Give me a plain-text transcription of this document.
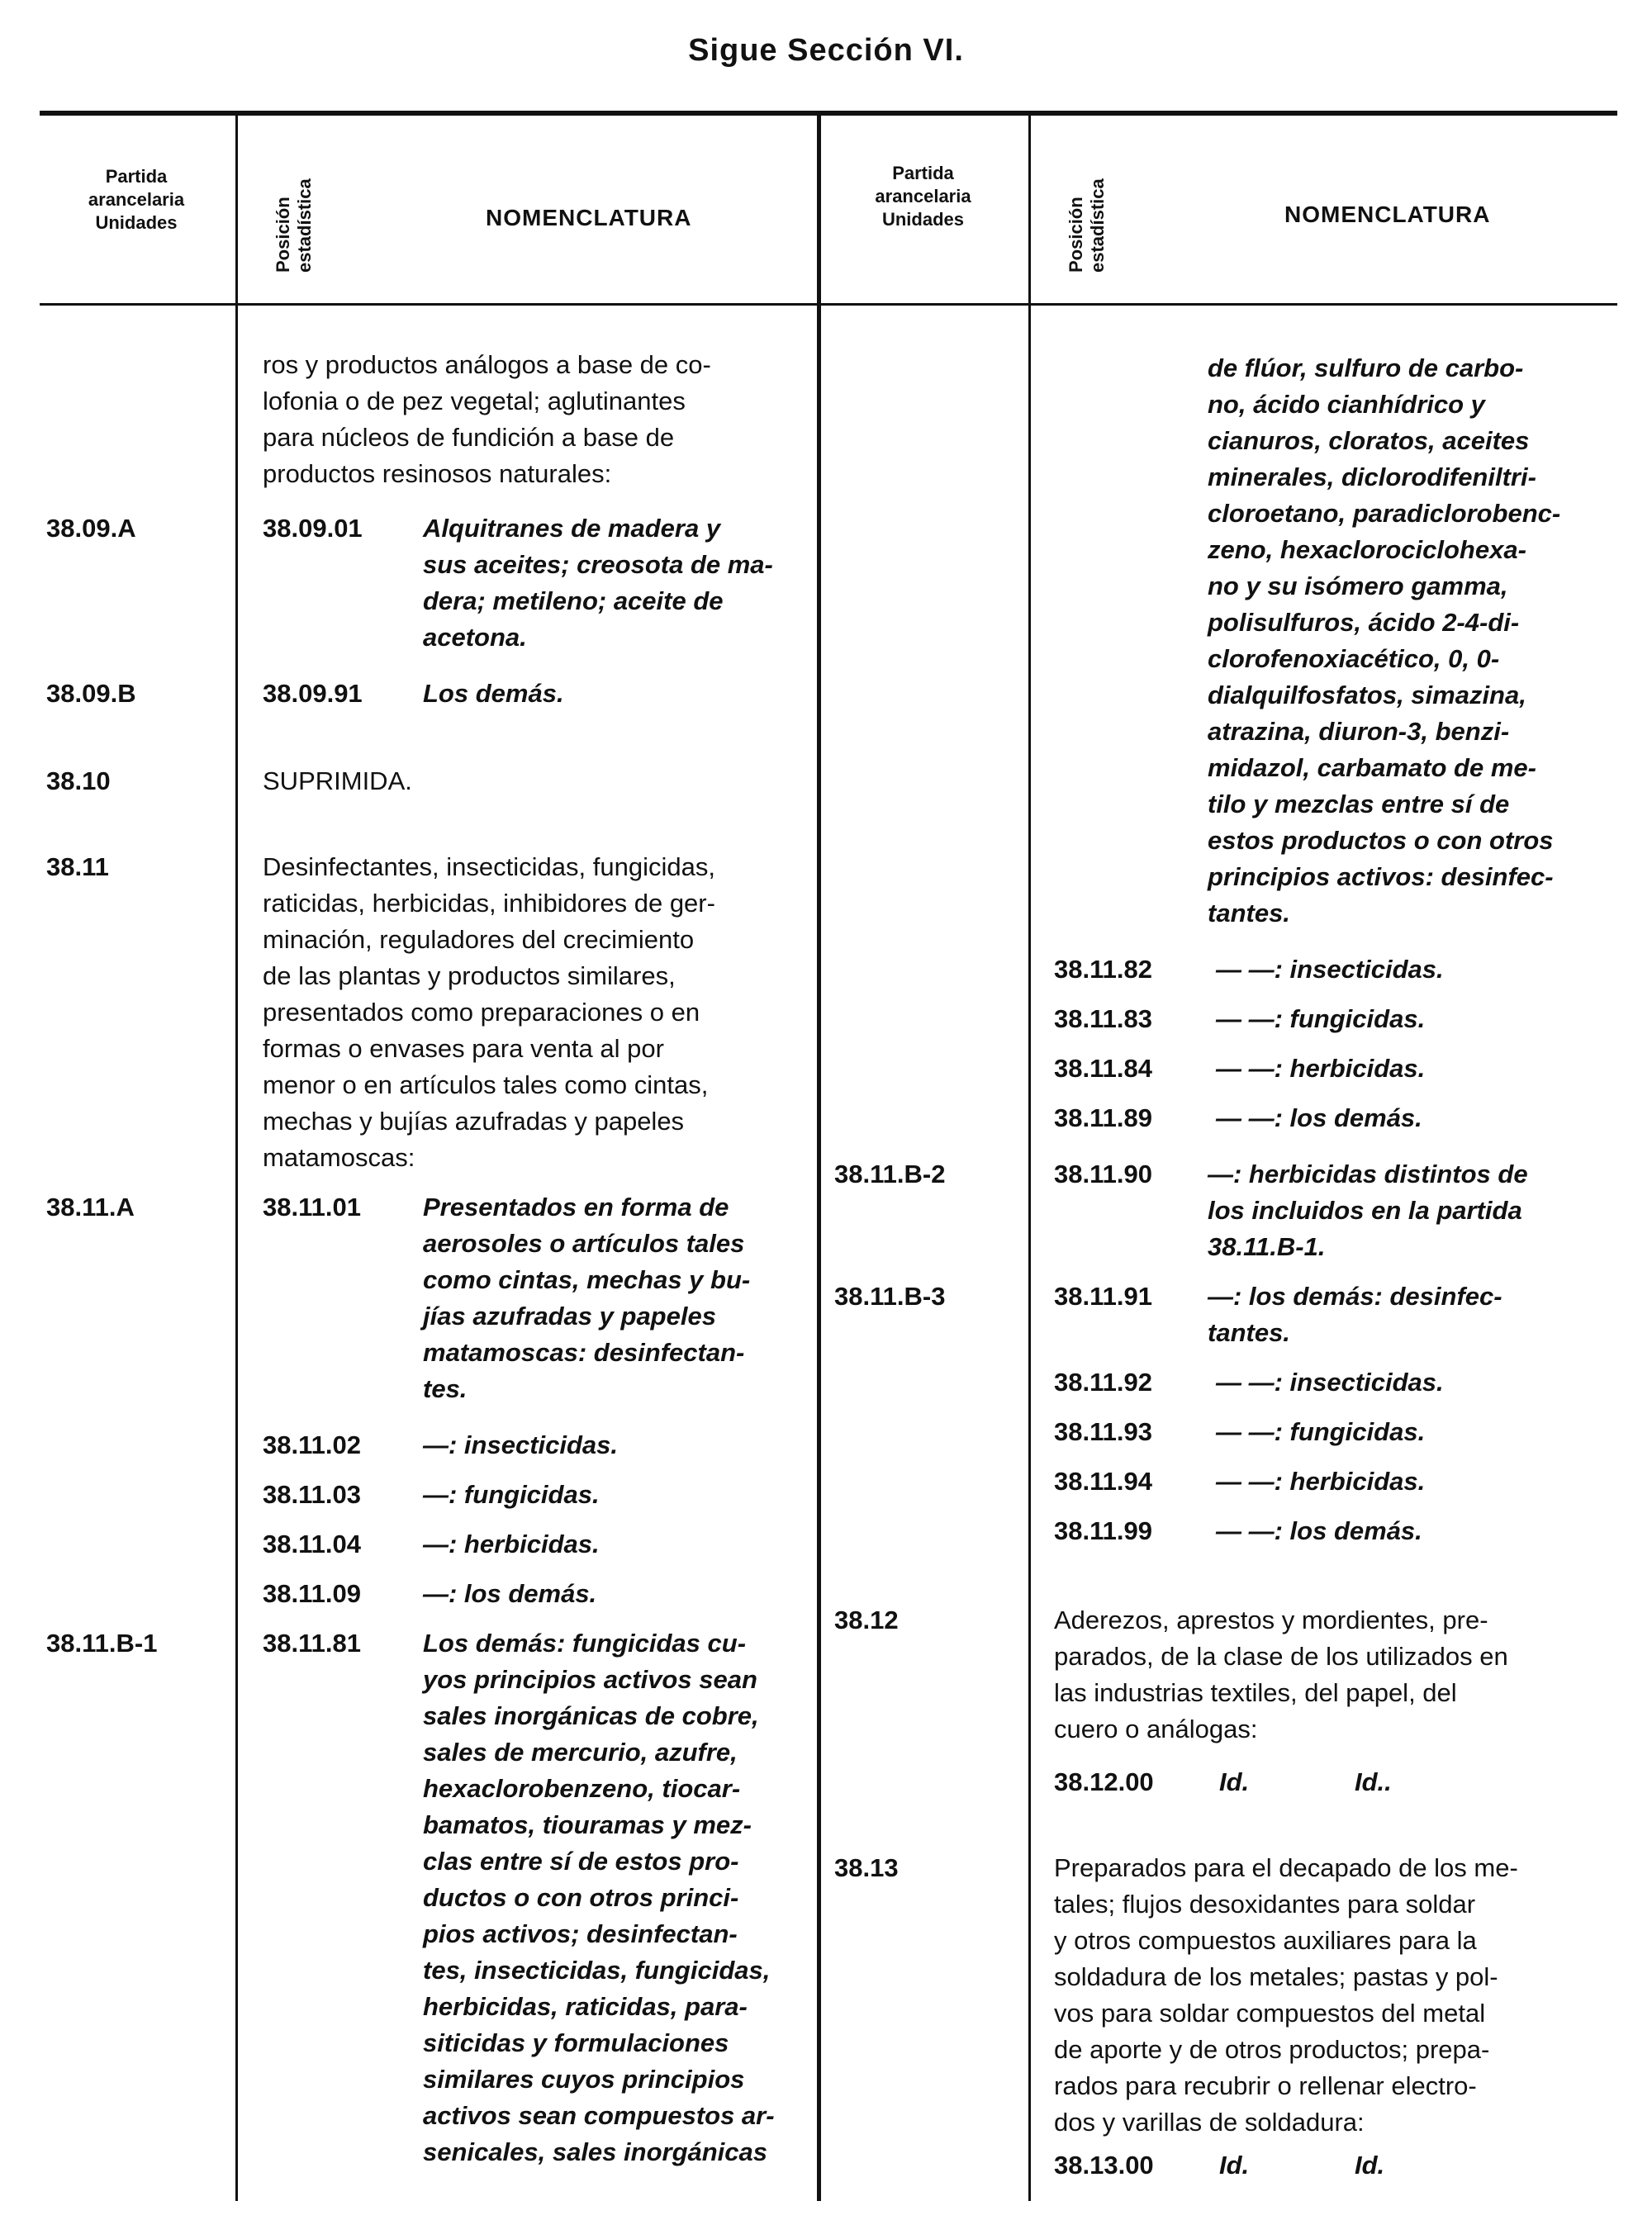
Sigue Sección VI.
Partida
arancelaria
Unidades	Posición estadística	NOMENCLATURA
Partida
arancelaria
Unidades	Posición estadística	NOMENCLATURA
ros y productos análogos a base de co-
lofonia o de pez vegetal; aglutinantes
para núcleos de fundición a base de
productos resinosos naturales:
38.09.A	38.09.01 Alquitranes de madera y
sus aceites; creosota de ma-
dera; metileno; aceite de
acetona.
38.09.B	38.09.91 Los demás.
38.10	SUPRIMIDA.
38.11	Desinfectantes, insecticidas, fungicidas,
raticidas, herbicidas, inhibidores de ger-
minación, reguladores del crecimiento
de las plantas y productos similares,
presentados como preparaciones o en
formas o envases para venta al por
menor o en artículos tales como cintas,
mechas y bujías azufradas y papeles
matamoscas:
38.11.A	38.11.01 Presentados en forma de
aerosoles o artículos tales
como cintas, mechas y bu-
jías azufradas y papeles
matamoscas: desinfectan-
tes.
38.11.02 —: insecticidas.
38.11.03 —: fungicidas.
38.11.04 —: herbicidas.
38.11.09 —: los demás.
38.11.B-1	38.11.81 Los demás: fungicidas cu-
yos principios activos sean
sales inorgánicas de cobre,
sales de mercurio, azufre,
hexaclorobenzeno, tiocar-
bamatos, tiouramas y mez-
clas entre sí de estos pro-
ductos o con otros princi-
pios activos; desinfectan-
tes, insecticidas, fungicidas,
herbicidas, raticidas, para-
siticidas y formulaciones
similares cuyos principios
activos sean compuestos ar-
senicales, sales inorgánicas
de flúor, sulfuro de carbo-
no, ácido cianhídrico y
cianuros, cloratos, aceites
minerales, diclorodifeniltri-
cloroetano, paradiclorobenc-
zeno, hexaclorociclohexa-
no y su isómero gamma,
polisulfuros, ácido 2-4-di-
clorofenoxiacético, 0, 0-
dialquilfosfatos, simazina,
atrazina, diuron-3, benzi-
midazol, carbamato de me-
tilo y mezclas entre sí de
estos productos o con otros
principios activos: desinfec-
tantes.
38.11.82 — —: insecticidas.
38.11.83 — —: fungicidas.
38.11.84 — —: herbicidas.
38.11.89 — —: los demás.
38.11.B-2	38.11.90 —: herbicidas distintos de
los incluidos en la partida
38.11.B-1.
38.11.B-3	38.11.91 —: los demás: desinfec-
tantes.
38.11.92 — —: insecticidas.
38.11.93 — —: fungicidas.
38.11.94 — —: herbicidas.
38.11.99 — —: los demás.
38.12	Aderezos, aprestos y mordientes, pre-
parados, de la clase de los utilizados en
las industrias textiles, del papel, del
cuero o análogas:
38.12.00	Id.	Id..
38.13	Preparados para el decapado de los me-
tales; flujos desoxidantes para soldar
y otros compuestos auxiliares para la
soldadura de los metales; pastas y pol-
vos para soldar compuestos del metal
de aporte y de otros productos; prepa-
rados para recubrir o rellenar electro-
dos y varillas de soldadura:
38.13.00	Id.	Id.
